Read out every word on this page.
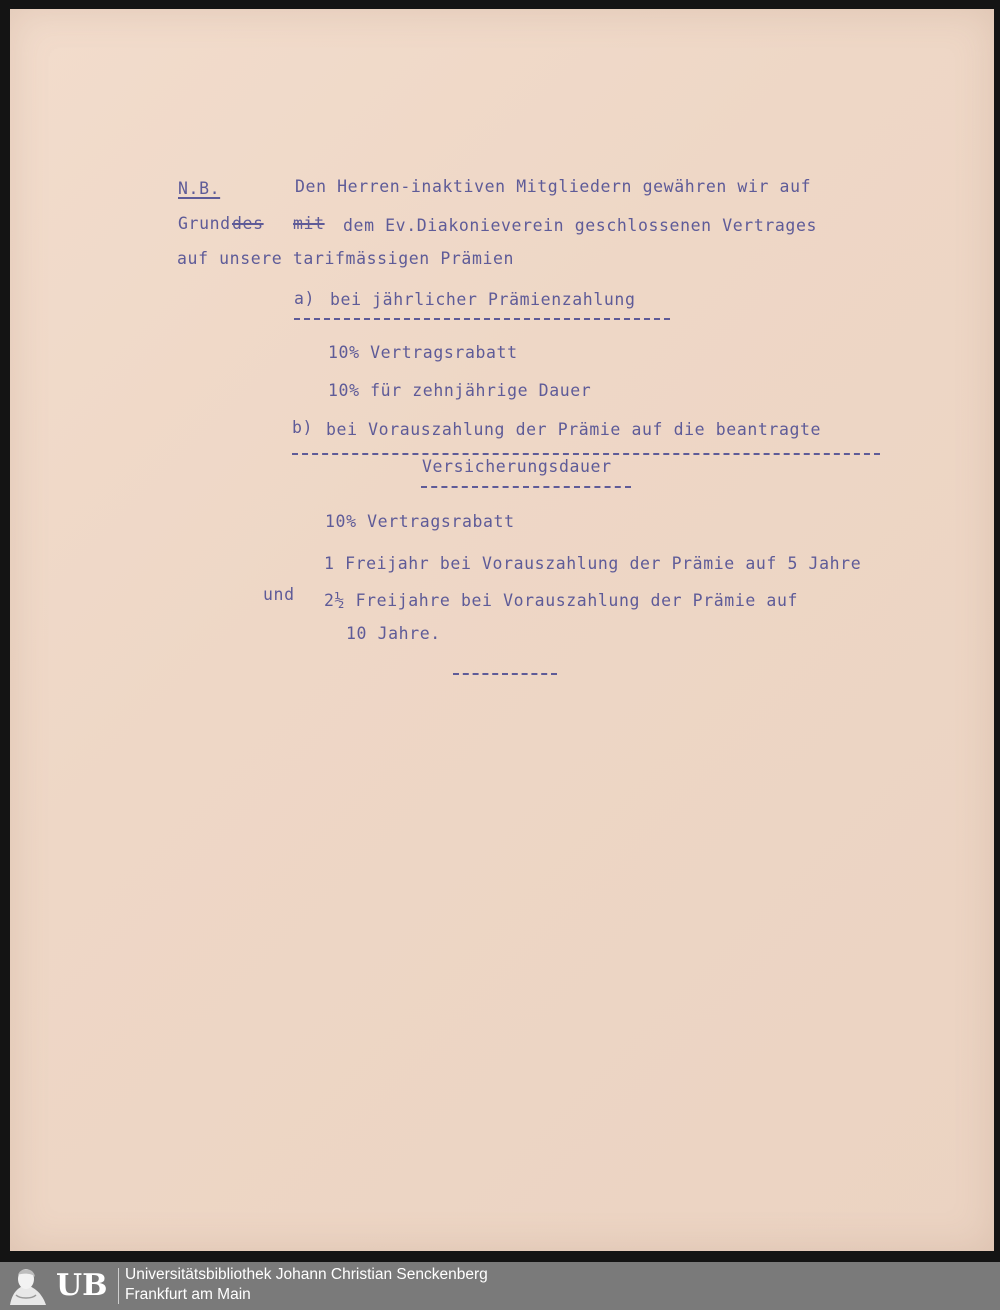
N.B.	Den Herren-inaktiven Mitgliedern gewähren wir auf
Grund des mit dem Ev.Diakonieverein geschlossenen Vertrages
auf unsere tarifmässigen Prämien
a) bei jährlicher Prämienzahlung
10% Vertragsrabatt
10% für zehnjährige Dauer
b) bei Vorauszahlung der Prämie auf die beantragte
Versicherungsdauer
10% Vertragsrabatt
1 Freijahr bei Vorauszahlung der Prämie auf 5 Jahre
und 2½ Freijahre bei Vorauszahlung der Prämie auf
10 Jahre.
UB Universitätsbibliothek Johann Christian Senckenberg
Frankfurt am Main
